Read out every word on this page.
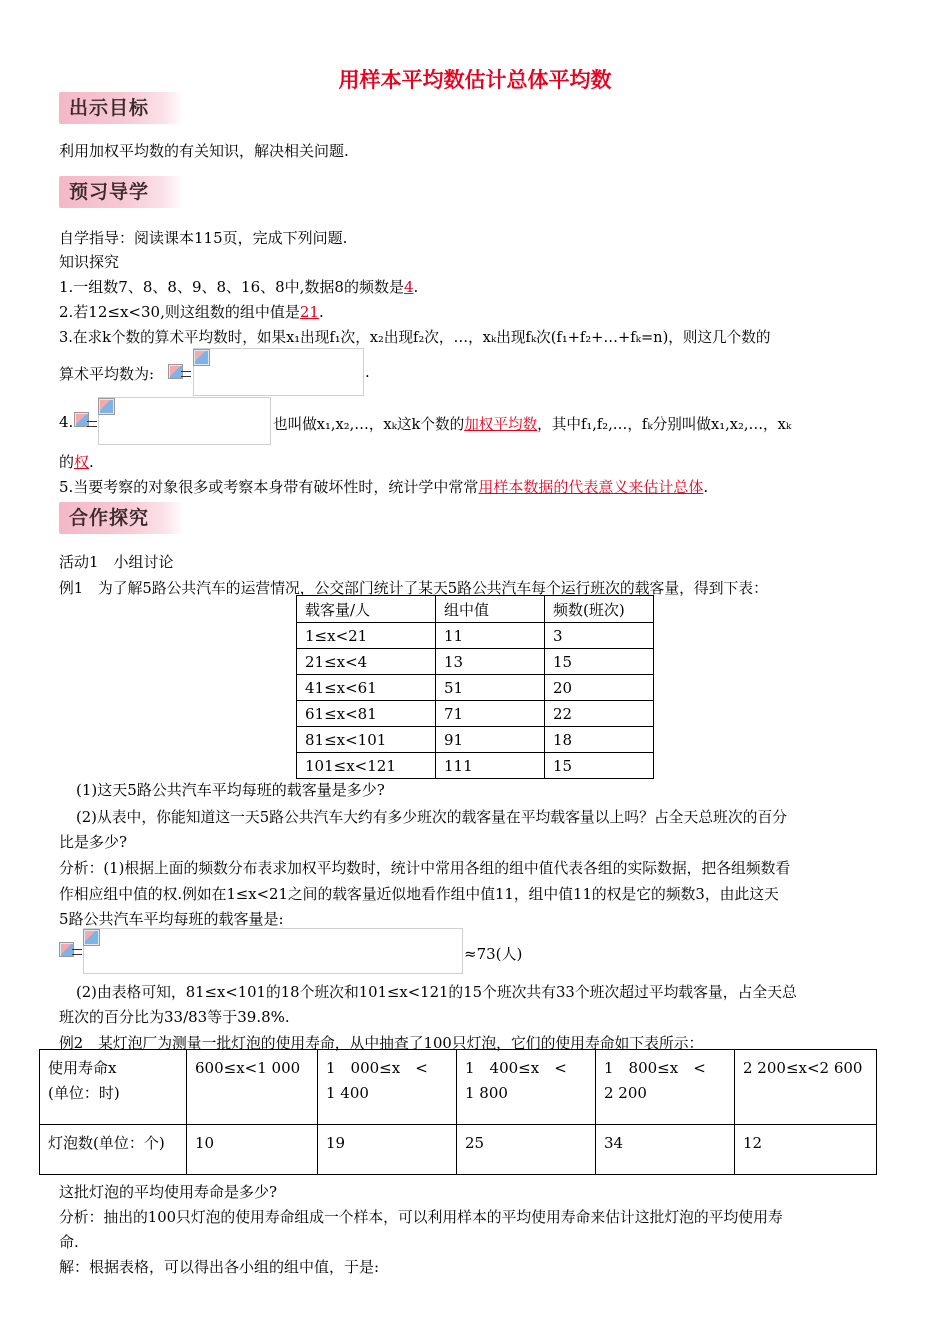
用样本平均数估计总体平均数
出示目标
利用加权平均数的有关知识，解决相关问题.
预习导学
自学指导：阅读课本115页，完成下列问题.
知识探究
1.一组数7、8、8、9、8、16、8中,数据8的频数是4.
2.若12≤x<30,则这组数的组中值是21.
3.在求k个数的算术平均数时，如果x₁出现f₁次，x₂出现f₂次，…，xₖ出现fₖ次(f₁+f₂+…+fₖ=n)，则这几个数的
算术平均数为:	.
4.	也叫做x₁,x₂,…，xₖ这k个数的加权平均数，其中f₁,f₂,…，fₖ分别叫做x₁,x₂,…，xₖ
的权.
5.当要考察的对象很多或考察本身带有破坏性时，统计学中常常用样本数据的代表意义来估计总体.
合作探究
活动1　小组讨论
例1　为了解5路公共汽车的运营情况，公交部门统计了某天5路公共汽车每个运行班次的载客量，得到下表：
载客量/人	组中值	频数(班次)
1≤x<21	11	3
21≤x<4	13	15
41≤x<61	51	20
61≤x<81	71	22
81≤x<101	91	18
101≤x<121	111	15
(1)这天5路公共汽车平均每班的载客量是多少?
(2)从表中，你能知道这一天5路公共汽车大约有多少班次的载客量在平均载客量以上吗？占全天总班次的百分
比是多少?
分析：(1)根据上面的频数分布表求加权平均数时，统计中常用各组的组中值代表各组的实际数据，把各组频数看
作相应组中值的权.例如在1≤x<21之间的载客量近似地看作组中值11，组中值11的权是它的频数3，由此这天
5路公共汽车平均每班的载客量是:
≈73(人)
(2)由表格可知，81≤x<101的18个班次和101≤x<121的15个班次共有33个班次超过平均载客量，占全天总
班次的百分比为33/83等于39.8%.
例2　某灯泡厂为测量一批灯泡的使用寿命，从中抽查了100只灯泡，它们的使用寿命如下表所示：
使用寿命x
(单位：时)	600≤x<1 000	1　000≤x　<　1 400	1　400≤x　<　1 800	1　800≤x　<　2 200	2 200≤x<2 600
灯泡数(单位：个)	10	19	25	34	12
这批灯泡的平均使用寿命是多少?
分析：抽出的100只灯泡的使用寿命组成一个样本，可以利用样本的平均使用寿命来估计这批灯泡的平均使用寿
命.
解：根据表格，可以得出各小组的组中值，于是:
